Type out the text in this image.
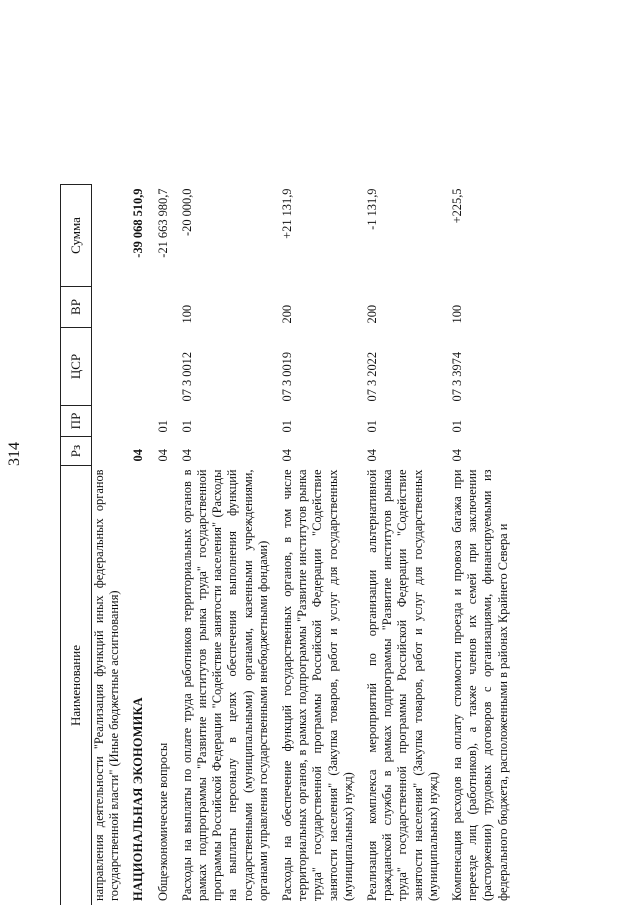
314
Наименование	Рз	ПР	ЦСР	ВР	Сумма
направления деятельности "Реализация функций иных федеральных органов государственной власти" (Иные бюджетные ассигнования)					
НАЦИОНАЛЬНАЯ ЭКОНОМИКА	04				-39 068 510,9
Общеэкономические вопросы	04	01			-21 663 980,7
Расходы на выплаты по оплате труда работников территориальных органов в рамках подпрограммы "Развитие институтов рынка труда" государственной программы Российской Федерации "Содействие занятости населения" (Расходы на выплаты персоналу в целях обеспечения выполнения функций государственными (муниципальными) органами, казенными учреждениями, органами управления государственными внебюджетными фондами)	04	01	07 3 0012	100	-20 000,0
Расходы на обеспечение функций государственных органов, в том числе территориальных органов, в рамках подпрограммы "Развитие институтов рынка труда" государственной программы Российской Федерации "Содействие занятости населения" (Закупка товаров, работ и услуг для государственных (муниципальных) нужд)	04	01	07 3 0019	200	+21 131,9
Реализация комплекса мероприятий по организации альтернативной гражданской службы в рамках подпрограммы "Развитие институтов рынка труда" государственной программы Российской Федерации "Содействие занятости населения" (Закупка товаров, работ и услуг для государственных (муниципальных) нужд)	04	01	07 3 2022	200	-1 131,9
Компенсация расходов на оплату стоимости проезда и провоза багажа при переезде лиц (работников), а также членов их семей при заключении (расторжении) трудовых договоров с организациями, финансируемыми из федерального бюджета, расположенными в районах Крайнего Севера и	04	01	07 3 3974	100	+225,5
